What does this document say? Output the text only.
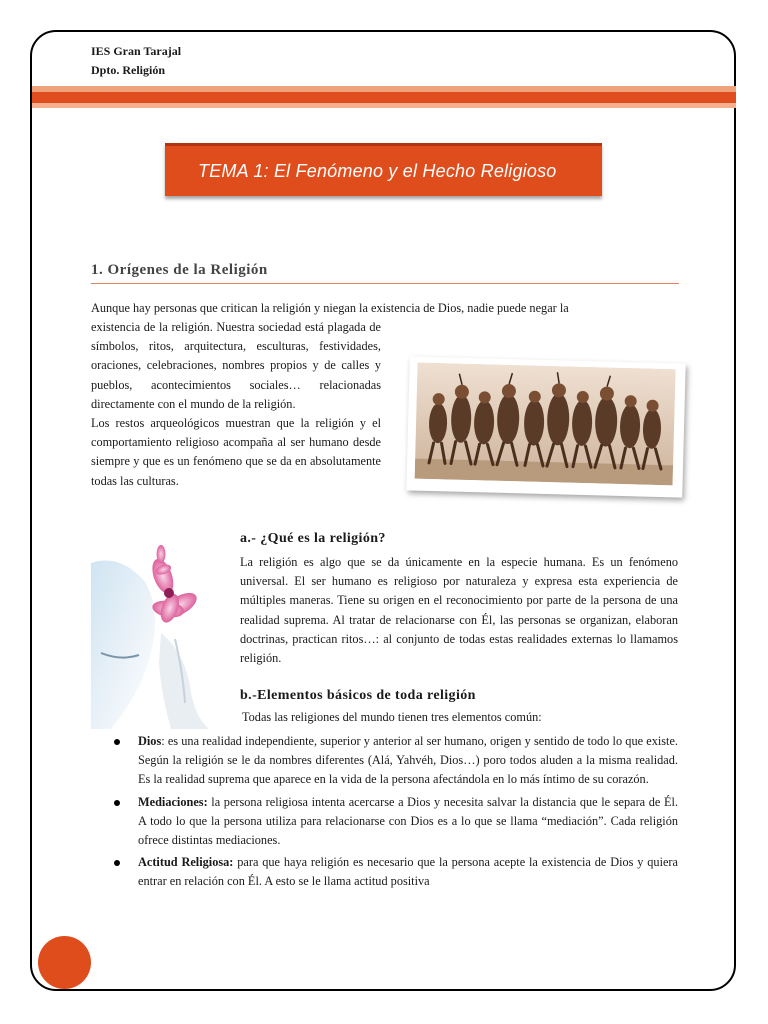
IES Gran Tarajal
Dpto. Religión
TEMA 1: El Fenómeno y el Hecho Religioso
1. Orígenes de la Religión

Aunque hay personas que critican la religión y niegan la existencia de Dios, nadie puede negar la

existencia de la religión. Nuestra sociedad está plagada de símbolos, ritos, arquitectura, esculturas, festividades, oraciones, celebraciones, nombres propios y de calles y pueblos, acontecimientos sociales… relacionadas directamente con el mundo de la religión.

Los restos arqueológicos muestran que la religión y el comportamiento religioso acompaña al ser humano desde siempre y que es un fenómeno que se da en absolutamente todas las culturas.

a.- ¿Qué es la religión?

La religión es algo que se da únicamente en la especie humana. Es un fenómeno universal. El ser humano es religioso por naturaleza y expresa esta experiencia de múltiples maneras. Tiene su origen en el reconocimiento por parte de la persona de una realidad suprema. Al tratar de relacionarse con Él, las personas se organizan, elaboran doctrinas, practican ritos…: al conjunto de todas estas realidades externas lo llamamos religión.

b.-Elementos básicos de toda religión

Todas las religiones del mundo tienen tres elementos común:

Dios: es una realidad independiente, superior y anterior al ser humano, origen y sentido de todo lo que existe. Según la religión se le da nombres diferentes (Alá, Yahvéh, Dios…) poro todos aluden a la misma realidad. Es la realidad suprema que aparece en la vida de la persona afectándola en lo más íntimo de su corazón.
Mediaciones: la persona religiosa intenta acercarse a Dios y necesita salvar la distancia que le separa de Él. A todo lo que la persona utiliza para relacionarse con Dios es a lo que se llama “mediación”. Cada religión ofrece distintas mediaciones.
Actitud Religiosa: para que haya religión es necesario que la persona acepte la existencia de Dios y quiera entrar en relación con Él. A esto se le llama actitud positiva
